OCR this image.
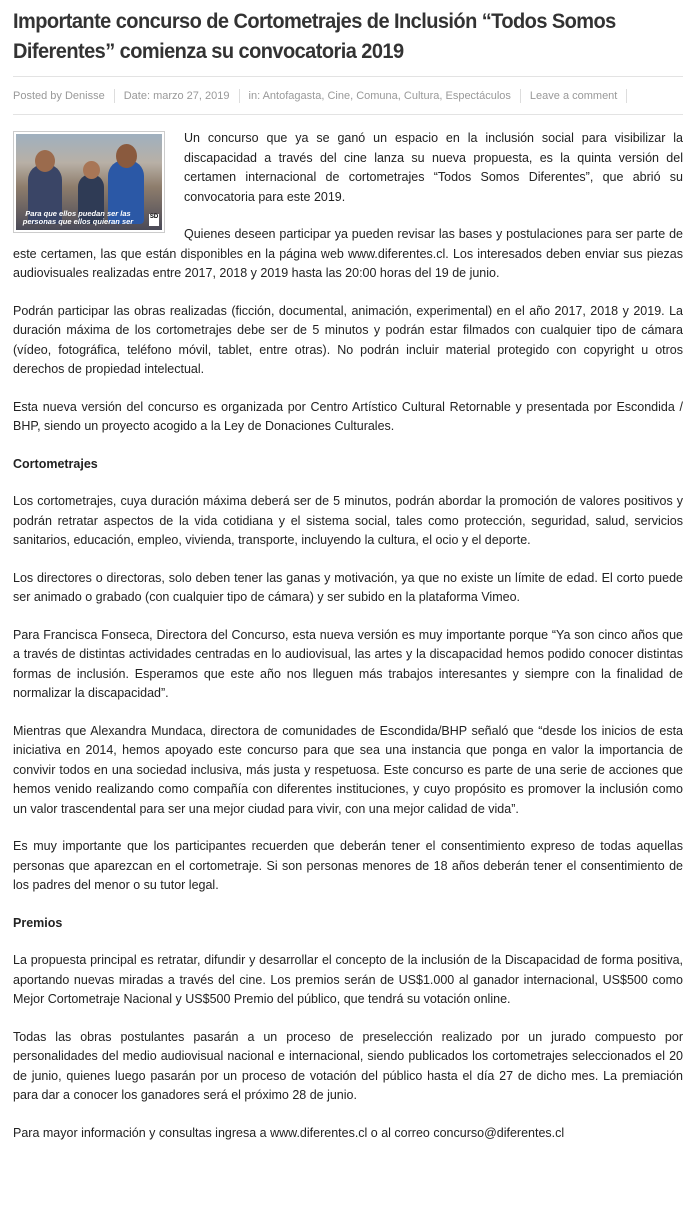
Importante concurso de Cortometrajes de Inclusión “Todos Somos Diferentes” comienza su convocatoria 2019
Posted by Denisse	Date: marzo 27, 2019	in: Antofagasta, Cine, Comuna, Cultura, Espectáculos	Leave a comment
Para que ellos puedan ser las personas que ellos quieran ser	SD

Un concurso que ya se ganó un espacio en la inclusión social para visibilizar la discapacidad a través del cine lanza su nueva propuesta, es la quinta versión del certamen internacional de cortometrajes “Todos Somos Diferentes”, que abrió su convocatoria para este 2019.

Quienes deseen participar ya pueden revisar las bases y postulaciones para ser parte de este certamen, las que están disponibles en la página web www.diferentes.cl. Los interesados deben enviar sus piezas audiovisuales realizadas entre 2017, 2018 y 2019 hasta las 20:00 horas del 19 de junio.

Podrán participar las obras realizadas (ficción, documental, animación, experimental) en el año 2017, 2018 y 2019. La duración máxima de los cortometrajes debe ser de 5 minutos y podrán estar filmados con cualquier tipo de cámara (vídeo, fotográfica, teléfono móvil, tablet, entre otras). No podrán incluir material protegido con copyright u otros derechos de propiedad intelectual.

Esta nueva versión del concurso es organizada por Centro Artístico Cultural Retornable y presentada por Escondida / BHP, siendo un proyecto acogido a la Ley de Donaciones Culturales.

Cortometrajes

Los cortometrajes, cuya duración máxima deberá ser de 5 minutos, podrán abordar la promoción de valores positivos y podrán retratar aspectos de la vida cotidiana y el sistema social, tales como protección, seguridad, salud, servicios sanitarios, educación, empleo, vivienda, transporte, incluyendo la cultura, el ocio y el deporte.

Los directores o directoras, solo deben tener las ganas y motivación, ya que no existe un límite de edad. El corto puede ser animado o grabado (con cualquier tipo de cámara) y ser subido en la plataforma Vimeo.

Para Francisca Fonseca, Directora del Concurso, esta nueva versión es muy importante porque “Ya son cinco años que a través de distintas actividades centradas en lo audiovisual, las artes y la discapacidad hemos podido conocer distintas formas de inclusión. Esperamos que este año nos lleguen más trabajos interesantes y siempre con la finalidad de normalizar la discapacidad”.

Mientras que Alexandra Mundaca, directora de comunidades de Escondida/BHP señaló que “desde los inicios de esta iniciativa en 2014, hemos apoyado este concurso para que sea una instancia que ponga en valor la importancia de convivir todos en una sociedad inclusiva, más justa y respetuosa. Este concurso es parte de una serie de acciones que hemos venido realizando como compañía con diferentes instituciones, y cuyo propósito es promover la inclusión como un valor trascendental para ser una mejor ciudad para vivir, con una mejor calidad de vida”.

Es muy importante que los participantes recuerden que deberán tener el consentimiento expreso de todas aquellas personas que aparezcan en el cortometraje. Si son personas menores de 18 años deberán tener el consentimiento de los padres del menor o su tutor legal.

Premios

La propuesta principal es retratar, difundir y desarrollar el concepto de la inclusión de la Discapacidad de forma positiva, aportando nuevas miradas a través del cine. Los premios serán de US$1.000 al ganador internacional, US$500 como Mejor Cortometraje Nacional y US$500 Premio del público, que tendrá su votación online.

Todas las obras postulantes pasarán a un proceso de preselección realizado por un jurado compuesto por personalidades del medio audiovisual nacional e internacional, siendo publicados los cortometrajes seleccionados el 20 de junio, quienes luego pasarán por un proceso de votación del público hasta el día 27 de dicho mes. La premiación para dar a conocer los ganadores será el próximo 28 de junio.

Para mayor información y consultas ingresa a www.diferentes.cl o al correo concurso@diferentes.cl
